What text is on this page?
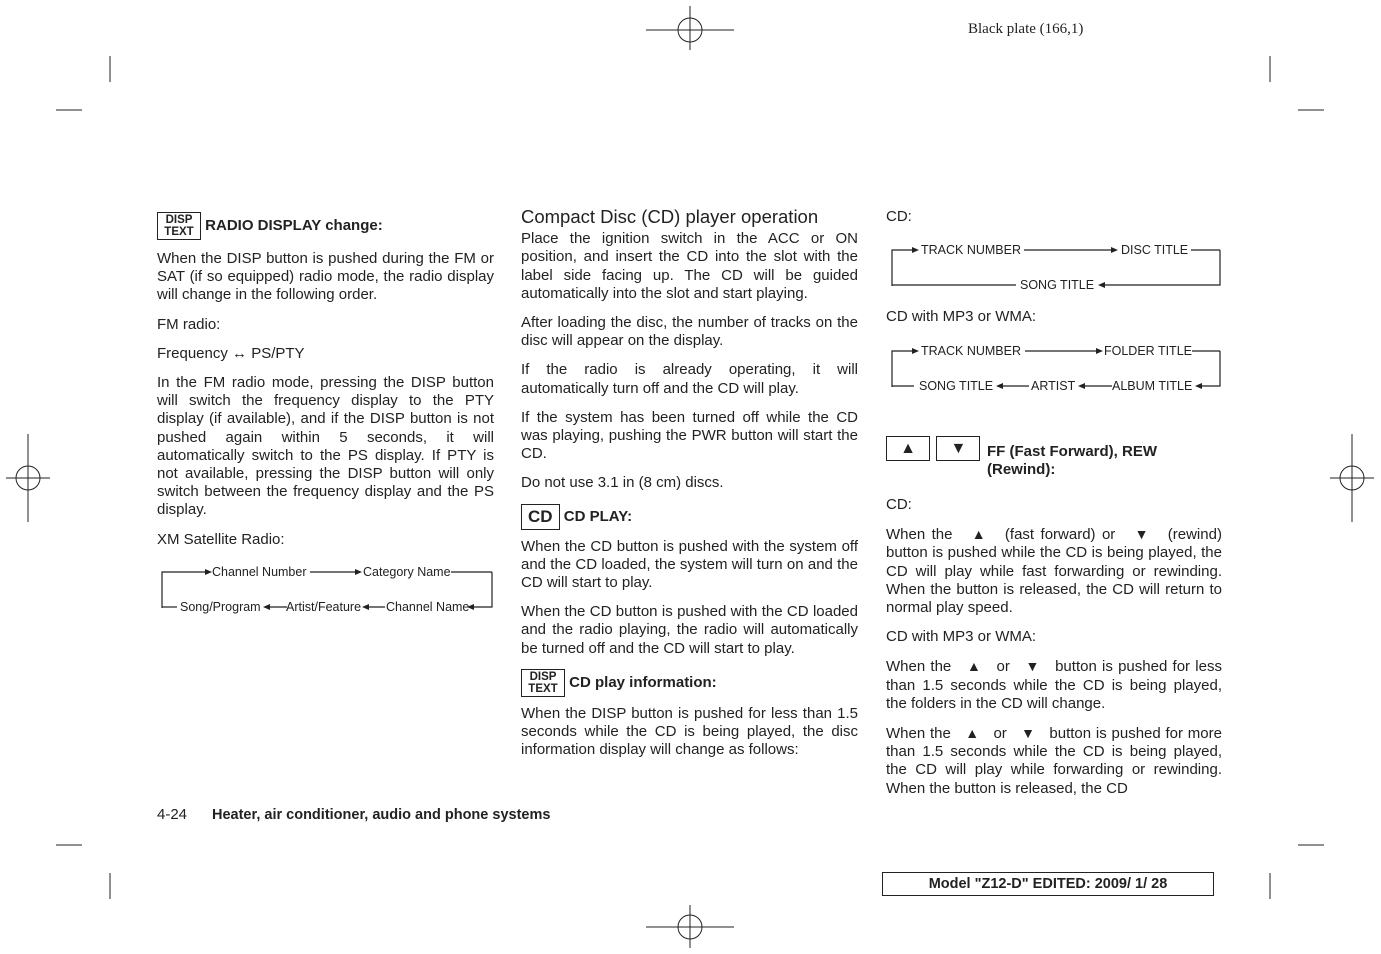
Black plate (166,1)

DISP
TEXT RADIO DISPLAY change:

When the DISP button is pushed during the FM or SAT (if so equipped) radio mode, the radio display will change in the following order.

FM radio:

Frequency ↔ PS/PTY

In the FM radio mode, pressing the DISP button will switch the frequency display to the PTY display (if available), and if the DISP button is not pushed again within 5 seconds, it will automatically switch to the PS display. If PTY is not available, pressing the DISP button will only switch between the frequency display and the PS display.

XM Satellite Radio:

Channel Number	Category Name
Song/Program Artist/Feature Channel Name
Compact Disc (CD) player operation

Place the ignition switch in the ACC or ON position, and insert the CD into the slot with the label side facing up. The CD will be guided automatically into the slot and start playing.

After loading the disc, the number of tracks on the disc will appear on the display.

If the radio is already operating, it will automatically turn off and the CD will play.

If the system has been turned off while the CD was playing, pushing the PWR button will start the CD.

Do not use 3.1 in (8 cm) discs.

CD CD PLAY:

When the CD button is pushed with the system off and the CD loaded, the system will turn on and the CD will start to play.

When the CD button is pushed with the CD loaded and the radio playing, the radio will automatically be turned off and the CD will start to play.

DISP
TEXT CD play information:

When the DISP button is pushed for less than 1.5 seconds while the CD is being played, the disc information display will change as follows:

CD:
TRACK NUMBER	DISC TITLE
SONG TITLE
CD with MP3 or WMA:
TRACK NUMBER	FOLDER TITLE
SONG TITLE	ARTIST	ALBUM TITLE
▲ ▼ FF (Fast Forward), REW (Rewind):

CD:

When the ▲ (fast forward) or ▼ (rewind) button is pushed while the CD is being played, the CD will play while fast forwarding or rewinding. When the button is released, the CD will return to normal play speed.

CD with MP3 or WMA:

When the ▲ or ▼ button is pushed for less than 1.5 seconds while the CD is being played, the folders in the CD will change.

When the ▲ or ▼ button is pushed for more than 1.5 seconds while the CD is being played, the CD will play while forwarding or rewinding. When the button is released, the CD

4-24 Heater, air conditioner, audio and phone systems
Model "Z12-D" EDITED: 2009/ 1/ 28
